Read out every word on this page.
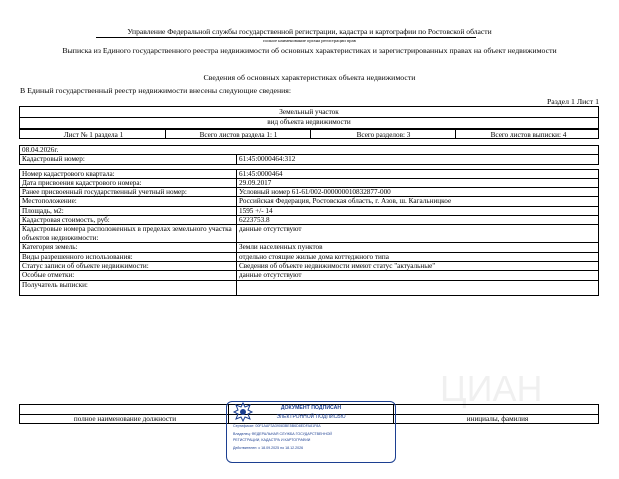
Управление Федеральной службы государственной регистрации, кадастра и картографии по Ростовской области
полное наименование органа регистрации прав
Выписка из Единого государственного реестра недвижимости об основных характеристиках и зарегистрированных правах на объект недвижимости
Сведения об основных характеристиках объекта недвижимости
В Единый государственный реестр недвижимости внесены следующие сведения:
Раздел 1 Лист 1
Земельный участок
вид объекта недвижимости
Лист № 1 раздела 1	Всего листов раздела 1: 1	Всего разделов: 3	Всего листов выписки: 4
08.04.2026г.	
Кадастровый номер:	61:45:0000464:312

Номер кадастрового квартала:	61:45:0000464
Дата присвоения кадастрового номера:	29.09.2017
Ранее присвоенный государственный учетный номер:	Условный номер 61-61/002-000000010832877-000
Местоположение:	Российская Федерация, Ростовская область, г. Азов, ш. Кагальницкое
Площадь, м2:	1595 +/- 14
Кадастровая стоимость, руб:	6223753.8
Кадастровые номера расположенных в пределах земельного участка объектов недвижимости:	данные отсутствуют
Категория земель:	Земли населенных пунктов
Виды разрешенного использования:	отдельно стоящие жилые дома коттеджного типа
Статус записи об объекте недвижимости:	Сведения об объекте недвижимости имеют статус "актуальные"
Особые отметки:	данные отсутствуют
Получатель выписки:	
полное наименование должности	инициалы, фамилия
ДОКУМЕНТ ПОДПИСАН
ЭЛЕКТРОННОЙ ПОДПИСЬЮ
Сертификат: 00F1AAF3A39083BE5B6D8EDFA81F8A
Владелец: ФЕДЕРАЛЬНАЯ СЛУЖБА ГОСУДАРСТВЕННОЙ
РЕГИСТРАЦИИ, КАДАСТРА И КАРТОГРАФИИ
Действителен: с 18.09.2025 по 18.12.2026
ЦИАН
